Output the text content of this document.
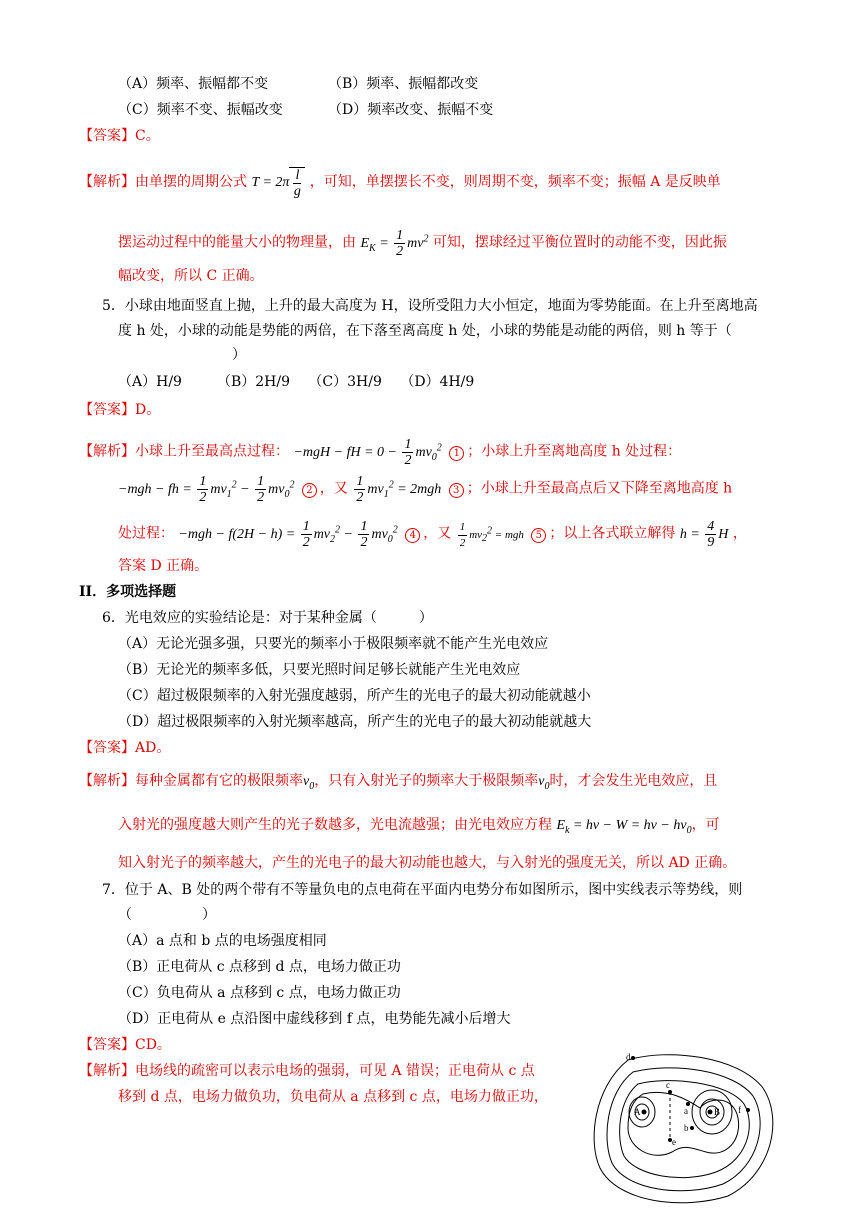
（A）频率、振幅都不变	（B）频率、振幅都改变
（C）频率不变、振幅改变	（D）频率改变、振幅不变
【答案】C。
【解析】由单摆的周期公式 $T = 2\pi \frac{l}{g}$ ，可知，单摆摆长不变，则周期不变，频率不变；振幅 A 是反映单
摆运动过程中的能量大小的物理量，由 $E_K = \frac{1}{2} mv^2$ 可知，摆球经过平衡位置时的动能不变，因此振
幅改变，所以 C 正确。
5．小球由地面竖直上抛，上升的最大高度为 H，设所受阻力大小恒定，地面为零势能面。在上升至离地高
度 h 处，小球的动能是势能的两倍，在下落至离高度 h 处，小球的势能是动能的两倍，则 h 等于（
）
（A）H/9　　　（B）2H/9　 （C）3H/9　 （D）4H/9
【答案】D。
【解析】小球上升至最高点过程： −mgH − fH = $0 - \frac{1}{2} mv_0^2$ 1 ；小球上升至离地高度 h 处过程：
−mgh − fh = $\frac{1}{2} mv_1^2 - \frac{1}{2} mv_0^2$ 2 ，又 $\frac{1}{2} mv_1^2 = 2mgh$ 3 ；小球上升至最高点后又下降至离地高度 h
处过程： $-mgh - f(2H - h) = \frac{1}{2} mv_2^2 - \frac{1}{2} mv_0^2$ 4 ，又 $\frac{1}{2} mv_2^2$ = mgh 5 ；以上各式联立解得 $h = \frac{4}{9}$ H ，
答案 D 正确。
II．多项选择题
6．光电效应的实验结论是：对于某种金属（　　　）
（A）无论光强多强，只要光的频率小于极限频率就不能产生光电效应
（B）无论光的频率多低，只要光照时间足够长就能产生光电效应
（C）超过极限频率的入射光强度越弱，所产生的光电子的最大初动能就越小
（D）超过极限频率的入射光频率越高，所产生的光电子的最大初动能就越大
【答案】AD。
【解析】每种金属都有它的极限频率$\nu_0$，只有入射光子的频率大于极限频率$\nu_0$时，才会发生光电效应，且
入射光的强度越大则产生的光子数越多，光电流越强；由光电效应方程 $E_k = h\nu - W = h\nu - h\nu_0$，可
知入射光子的频率越大，产生的光电子的最大初动能也越大，与入射光的强度无关，所以 AD 正确。
7．位于 A、B 处的两个带有不等量负电的点电荷在平面内电势分布如图所示，图中实线表示等势线，则
（　　　　　）
（A）a 点和 b 点的电场强度相同
（B）正电荷从 c 点移到 d 点，电场力做正功
（C）负电荷从 a 点移到 c 点，电场力做正功
（D）正电荷从 e 点沿图中虚线移到 f 点，电势能先减小后增大
【答案】CD。
【解析】电场线的疏密可以表示电场的强弱，可见 A 错误；正电荷从 c 点
移到 d 点，电场力做负功，负电荷从 a 点移到 c 点，电场力做正功，
d
c
A	a	B
b
e
f
